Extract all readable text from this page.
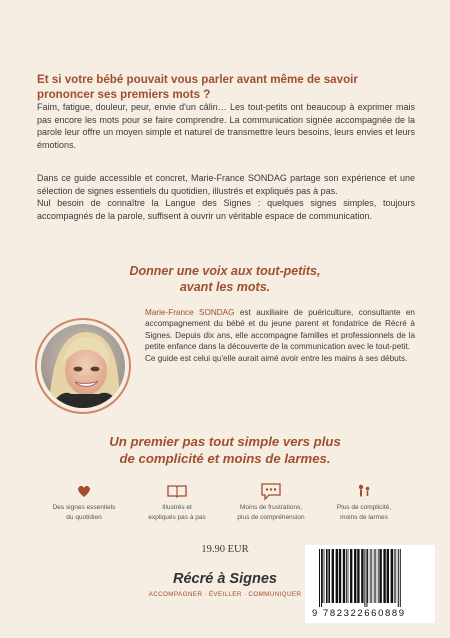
Et si votre bébé pouvait vous parler avant même de savoir prononcer ses premiers mots ?

Faim, fatigue, douleur, peur, envie d'un câlin… Les tout-petits ont beaucoup à exprimer mais pas encore les mots pour se faire comprendre. La communication signée accompagnée de la parole leur offre un moyen simple et naturel de transmettre leurs besoins, leurs envies et leurs émotions.

Dans ce guide accessible et concret, Marie-France SONDAG partage son expérience et une sélection de signes essentiels du quotidien, illustrés et expliqués pas à pas.

Nul besoin de connaître la Langue des Signes : quelques signes simples, toujours accompagnés de la parole, suffisent à ouvrir un véritable espace de communication.

Donner une voix aux tout-petits,
avant les mots.

Marie-France SONDAG est auxiliaire de puériculture, consultante en accompagnement du bébé et du jeune parent et fondatrice de Récré à Signes. Depuis dix ans, elle accompagne familles et professionnels de la petite enfance dans la découverte de la communication avec le tout-petit.
Ce guide est celui qu'elle aurait aimé avoir entre les mains à ses débuts.

Un premier pas tout simple vers plus
de complicité et moins de larmes.

Des signes essentiels
du quotidien
Illustrés et
expliqués pas à pas
Moins de frustrations,
plus de compréhension
Plus de complicité,
moins de larmes
19.90 EUR
Récré à Signes
ACCOMPAGNER · ÉVEILLER · COMMUNIQUER
9 782322660889
